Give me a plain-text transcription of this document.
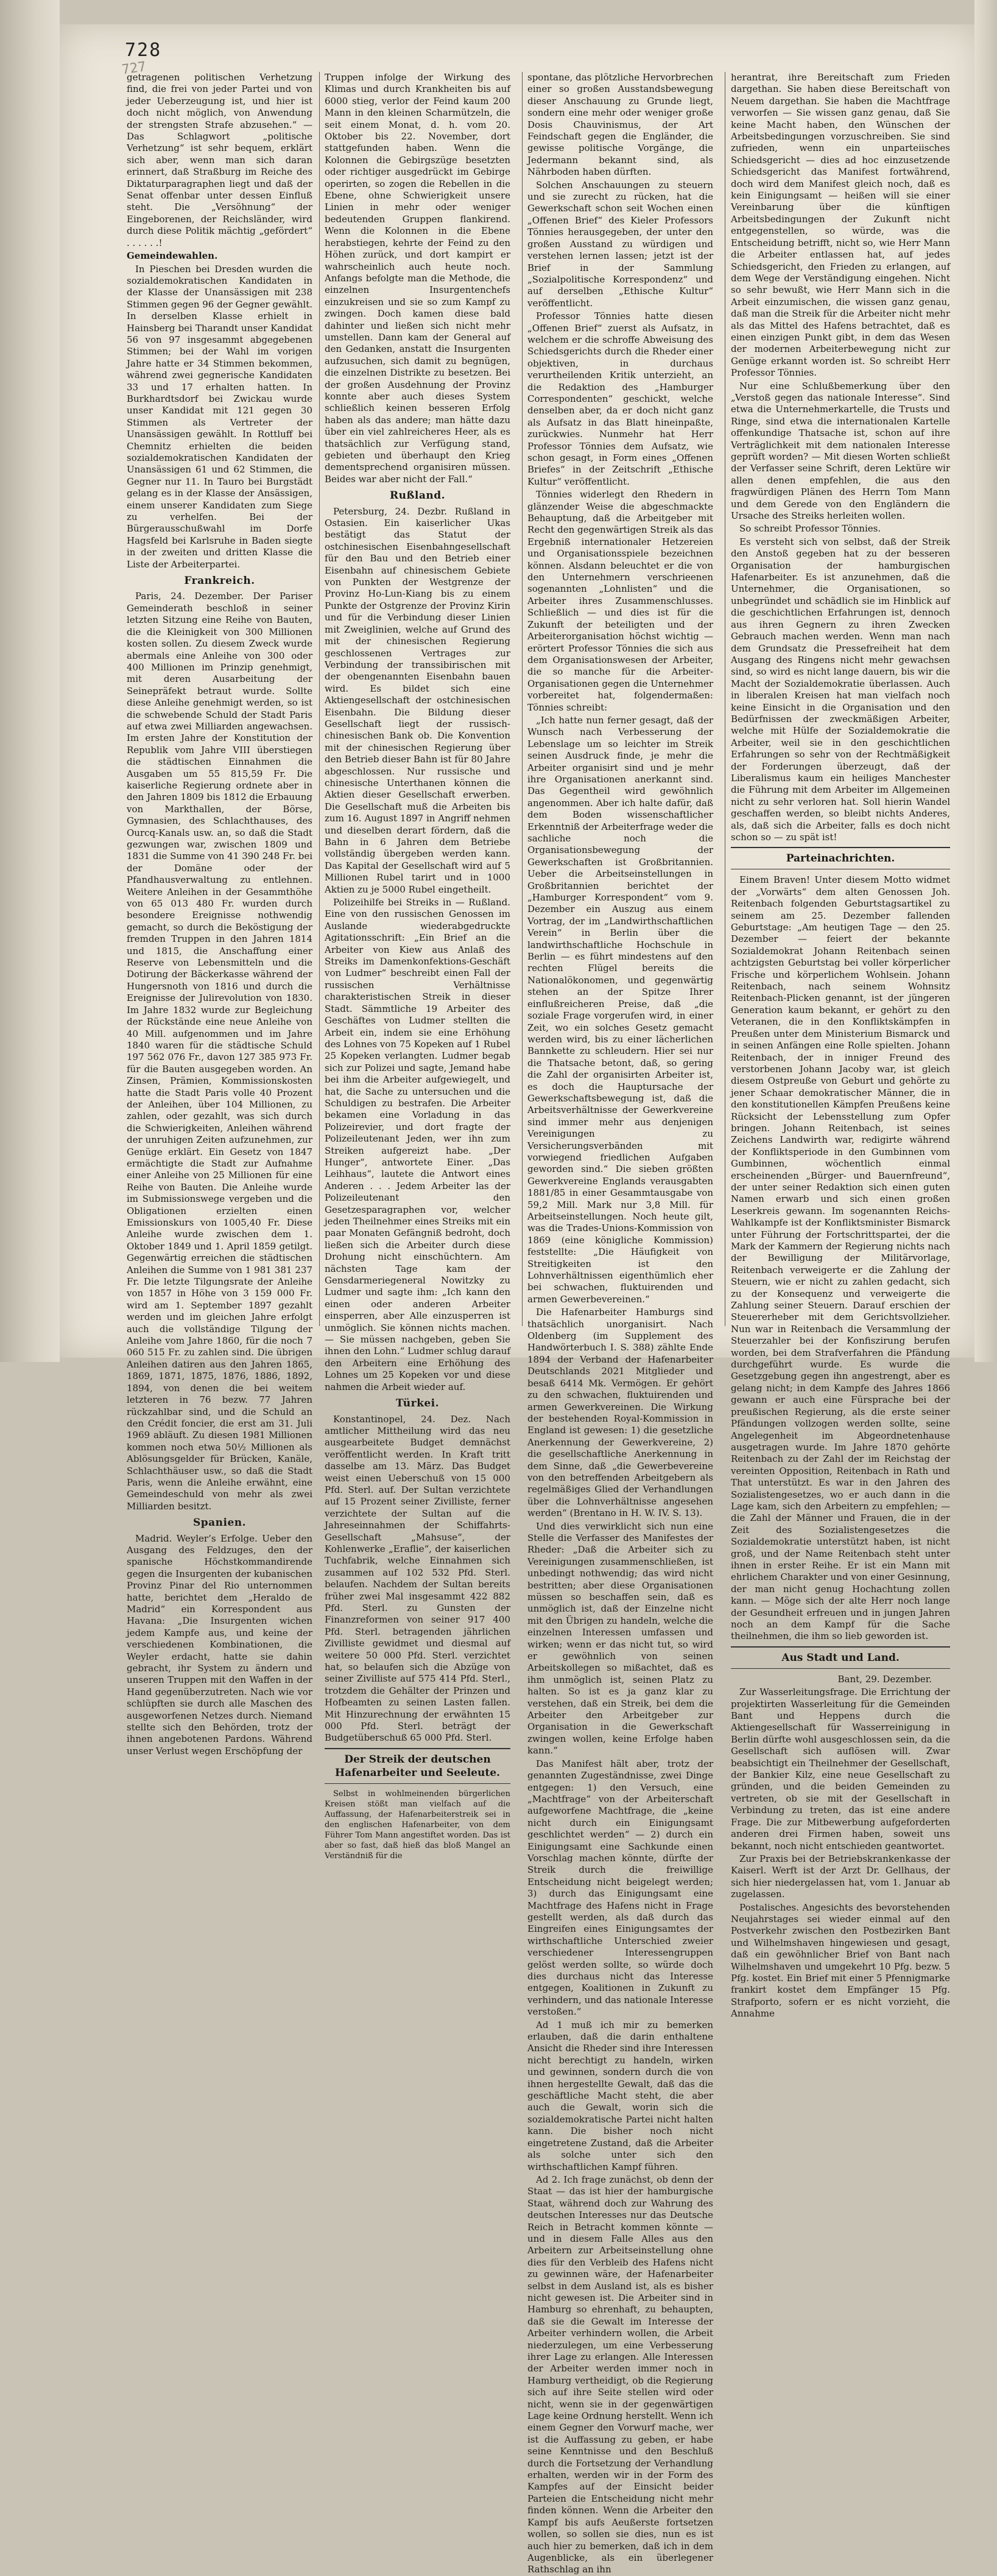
728
727

getragenen politischen Verhetzung find, die frei von jeder Partei und von jeder Ueberzeugung ist, und hier ist doch nicht möglich, von Anwendung der strengsten Strafe abzusehen.“ — Das Schlagwort „politische Verhetzung“ ist sehr bequem, erklärt sich aber, wenn man sich daran erinnert, daß Straßburg im Reiche des Diktaturparagraphen liegt und daß der Senat offenbar unter dessen Einfluß steht. Die „Versöhnung“ der Eingeborenen, der Reichsländer, wird durch diese Politik mächtig „gefördert“ . . . . . .!

Gemeindewahlen.

In Pieschen bei Dresden wurden die sozialdemokratischen Kandidaten in der Klasse der Unansässigen mit 238 Stimmen gegen 96 der Gegner gewählt. In derselben Klasse erhielt in Hainsberg bei Tharandt unser Kandidat 56 von 97 insgesammt abgegebenen Stimmen; bei der Wahl im vorigen Jahre hatte er 34 Stimmen bekommen, während zwei gegnerische Kandidaten 33 und 17 erhalten hatten. In Burkhardtsdorf bei Zwickau wurde unser Kandidat mit 121 gegen 30 Stimmen als Vertreter der Unansässigen gewählt. In Rottluff bei Chemnitz erhielten die beiden sozialdemokratischen Kandidaten der Unansässigen 61 und 62 Stimmen, die Gegner nur 11. In Tauro bei Burgstädt gelang es in der Klasse der Ansässigen, einem unserer Kandidaten zum Siege zu verhelfen. Bei der Bürgerausschußwahl im Dorfe Hagsfeld bei Karlsruhe in Baden siegte in der zweiten und dritten Klasse die Liste der Arbeiterpartei.

Frankreich.

Paris, 24. Dezember. Der Pariser Gemeinderath beschloß in seiner letzten Sitzung eine Reihe von Bauten, die die Kleinigkeit von 300 Millionen kosten sollen. Zu diesem Zweck wurde abermals eine Anleihe von 300 oder 400 Millionen im Prinzip genehmigt, mit deren Ausarbeitung der Seinepräfekt betraut wurde. Sollte diese Anleihe genehmigt werden, so ist die schwebende Schuld der Stadt Paris auf etwa zwei Milliarden angewachsen. Im ersten Jahre der Konstitution der Republik vom Jahre VIII überstiegen die städtischen Einnahmen die Ausgaben um 55 815,59 Fr. Die kaiserliche Regierung ordnete aber in den Jahren 1809 bis 1812 die Erbauung von Markthallen, der Börse, Gymnasien, des Schlachthauses, des Ourcq-Kanals usw. an, so daß die Stadt gezwungen war, zwischen 1809 und 1831 die Summe von 41 390 248 Fr. bei der Domäne oder der Pfandhausverwaltung zu entlehnen. Weitere Anleihen in der Gesammthöhe von 65 013 480 Fr. wurden durch besondere Ereignisse nothwendig gemacht, so durch die Beköstigung der fremden Truppen in den Jahren 1814 und 1815, die Anschaffung einer Reserve von Lebensmitteln und die Dotirung der Bäckerkasse während der Hungersnoth von 1816 und durch die Ereignisse der Julirevolution von 1830. Im Jahre 1832 wurde zur Begleichung der Rückstände eine neue Anleihe von 40 Mill. aufgenommen und im Jahre 1840 waren für die städtische Schuld 197 562 076 Fr., davon 127 385 973 Fr. für die Bauten ausgegeben worden. An Zinsen, Prämien, Kommissionskosten hatte die Stadt Paris volle 40 Prozent der Anleihen, über 104 Millionen, zu zahlen, oder gezahlt, was sich durch die Schwierigkeiten, Anleihen während der unruhigen Zeiten aufzunehmen, zur Genüge erklärt. Ein Gesetz von 1847 ermächtigte die Stadt zur Aufnahme einer Anleihe von 25 Millionen für eine Reihe von Bauten. Die Anleihe wurde im Submissionswege vergeben und die Obligationen erzielten einen Emissionskurs von 1005,40 Fr. Diese Anleihe wurde zwischen dem 1. Oktober 1849 und 1. April 1859 getilgt. Gegenwärtig erreichen die städtischen Anleihen die Summe von 1 981 381 237 Fr. Die letzte Tilgungsrate der Anleihe von 1857 in Höhe von 3 159 000 Fr. wird am 1. September 1897 gezahlt werden und im gleichen Jahre erfolgt auch die vollständige Tilgung der Anleihe vom Jahre 1860, für die noch 7 060 515 Fr. zu zahlen sind. Die übrigen Anleihen datiren aus den Jahren 1865, 1869, 1871, 1875, 1876, 1886, 1892, 1894, von denen die bei weitem letzteren in 76 bezw. 77 Jahren rückzahlbar sind, und die Schuld an den Crédit foncier, die erst am 31. Juli 1969 abläuft. Zu diesen 1981 Millionen kommen noch etwa 50½ Millionen als Ablösungsgelder für Brücken, Kanäle, Schlachthäuser usw., so daß die Stadt Paris, wenn die Anleihe erwähnt, eine Gemeindeschuld von mehr als zwei Milliarden besitzt.

Spanien.

Madrid. Weyler’s Erfolge. Ueber den Ausgang des Feldzuges, den der spanische Höchstkommandirende gegen die Insurgenten der kubanischen Provinz Pinar del Rio unternommen hatte, berichtet dem „Heraldo de Madrid“ ein Korrespondent aus Havana: „Die Insurgenten wichen jedem Kampfe aus, und keine der verschiedenen Kombinationen, die Weyler erdacht, hatte sie dahin gebracht, ihr System zu ändern und unseren Truppen mit den Waffen in der Hand gegenüberzutreten. Nach wie vor schlüpften sie durch alle Maschen des ausgeworfenen Netzes durch. Niemand stellte sich den Behörden, trotz der ihnen angebotenen Pardons. Während unser Verlust wegen Erschöpfung der

Truppen infolge der Wirkung des Klimas und durch Krankheiten bis auf 6000 stieg, verlor der Feind kaum 200 Mann in den kleinen Scharmützeln, die seit einem Monat, d. h. vom 20. Oktober bis 22. November, dort stattgefunden haben. Wenn die Kolonnen die Gebirgszüge besetzten oder richtiger ausgedrückt im Gebirge operirten, so zogen die Rebellen in die Ebene, ohne Schwierigkeit unsere Linien in mehr oder weniger bedeutenden Gruppen flankirend. Wenn die Kolonnen in die Ebene herabstiegen, kehrte der Feind zu den Höhen zurück, und dort kampirt er wahrscheinlich auch heute noch. Anfangs befolgte man die Methode, die einzelnen Insurgentenchefs einzukreisen und sie so zum Kampf zu zwingen. Doch kamen diese bald dahinter und ließen sich nicht mehr umstellen. Dann kam der General auf den Gedanken, anstatt die Insurgenten aufzusuchen, sich damit zu begnügen, die einzelnen Distrikte zu besetzen. Bei der großen Ausdehnung der Provinz konnte aber auch dieses System schließlich keinen besseren Erfolg haben als das andere; man hätte dazu über ein viel zahlreicheres Heer, als es thatsächlich zur Verfügung stand, gebieten und überhaupt den Krieg dementsprechend organisiren müssen. Beides war aber nicht der Fall.“

Rußland.

Petersburg, 24. Dezbr. Rußland in Ostasien. Ein kaiserlicher Ukas bestätigt das Statut der ostchinesischen Eisenbahngesellschaft für den Bau und den Betrieb einer Eisenbahn auf chinesischem Gebiete von Punkten der Westgrenze der Provinz Ho-Lun-Kiang bis zu einem Punkte der Ostgrenze der Provinz Kirin und für die Verbindung dieser Linien mit Zweiglinien, welche auf Grund des mit der chinesischen Regierung geschlossenen Vertrages zur Verbindung der transsibirischen mit der obengenannten Eisenbahn bauen wird. Es bildet sich eine Aktiengesellschaft der ostchinesischen Eisenbahn. Die Bildung dieser Gesellschaft liegt der russisch-chinesischen Bank ob. Die Konvention mit der chinesischen Regierung über den Betrieb dieser Bahn ist für 80 Jahre abgeschlossen. Nur russische und chinesische Unterthanen können die Aktien dieser Gesellschaft erwerben. Die Gesellschaft muß die Arbeiten bis zum 16. August 1897 in Angriff nehmen und dieselben derart fördern, daß die Bahn in 6 Jahren dem Betriebe vollständig übergeben werden kann. Das Kapital der Gesellschaft wird auf 5 Millionen Rubel tarirt und in 1000 Aktien zu je 5000 Rubel eingetheilt.

Polizeihilfe bei Streiks in — Rußland. Eine von den russischen Genossen im Auslande wiederabgedruckte Agitationsschrift: „Ein Brief an die Arbeiter von Kiew aus Anlaß des Streiks im Damenkonfektions-Geschäft von Ludmer“ beschreibt einen Fall der russischen Verhältnisse charakteristischen Streik in dieser Stadt. Sämmtliche 19 Arbeiter des Geschäftes von Ludmer stellten die Arbeit ein, indem sie eine Erhöhung des Lohnes von 75 Kopeken auf 1 Rubel 25 Kopeken verlangten. Ludmer begab sich zur Polizei und sagte, Jemand habe bei ihm die Arbeiter aufgewiegelt, und hat, die Sache zu untersuchen und die Schuldigen zu bestrafen. Die Arbeiter bekamen eine Vorladung in das Polizeirevier, und dort fragte der Polizeileutenant Jeden, wer ihn zum Streiken aufgereizt habe. „Der Hunger“, antwortete Einer. „Das Leihhaus“, lautete die Antwort eines Anderen . . . Jedem Arbeiter las der Polizeileutenant den Gesetzesparagraphen vor, welcher jeden Theilnehmer eines Streiks mit ein paar Monaten Gefängniß bedroht, doch ließen sich die Arbeiter durch diese Drohung nicht einschüchtern. Am nächsten Tage kam der Gensdarmeriegeneral Nowitzky zu Ludmer und sagte ihm: „Ich kann den einen oder anderen Arbeiter einsperren, aber Alle einzusperren ist unmöglich. Sie können nichts machen. — Sie müssen nachgeben, geben Sie ihnen den Lohn.“ Ludmer schlug darauf den Arbeitern eine Erhöhung des Lohnes um 25 Kopeken vor und diese nahmen die Arbeit wieder auf.

Türkei.

Konstantinopel, 24. Dez. Nach amtlicher Mittheilung wird das neu ausgearbeitete Budget demnächst veröffentlicht werden. In Kraft tritt dasselbe am 13. März. Das Budget weist einen Ueberschuß von 15 000 Pfd. Sterl. auf. Der Sultan verzichtete auf 15 Prozent seiner Zivilliste, ferner verzichtete der Sultan auf die Jahreseinnahmen der Schiffahrts-Gesellschaft „Mahsuse“, der Kohlenwerke „Eraflie“, der kaiserlichen Tuchfabrik, welche Einnahmen sich zusammen auf 102 532 Pfd. Sterl. belaufen. Nachdem der Sultan bereits früher zwei Mal insgesammt 422 882 Pfd. Sterl. zu Gunsten der Finanzreformen von seiner 917 400 Pfd. Sterl. betragenden jährlichen Zivilliste gewidmet und diesmal auf weitere 50 000 Pfd. Sterl. verzichtet hat, so belaufen sich die Abzüge von seiner Zivilliste auf 575 414 Pfd. Sterl., trotzdem die Gehälter der Prinzen und Hofbeamten zu seinen Lasten fallen. Mit Hinzurechnung der erwähnten 15 000 Pfd. Sterl. beträgt der Budgetüberschuß 65 000 Pfd. Sterl.

Der Streik der deutschen Hafenarbeiter und Seeleute.

Selbst in wohlmeinenden bürgerlichen Kreisen stößt man vielfach auf die Auffassung, der Hafenarbeiterstreik sei in den englischen Hafenarbeiter, von dem Führer Tom Mann angestiftet worden. Das ist aber so fast, daß hieß das bloß Mangel an Verständniß für die

spontane, das plötzliche Hervorbrechen einer so großen Ausstandsbewegung dieser Anschauung zu Grunde liegt, sondern eine mehr oder weniger große Dosis Chauvinismus, der Art Feindschaft gegen die Engländer, die gewisse politische Vorgänge, die Jedermann bekannt sind, als Nährboden haben dürften.

Solchen Anschauungen zu steuern und sie zurecht zu rücken, hat die Gewerkschaft schon seit Wochen einen „Offenen Brief“ des Kieler Professors Tönnies herausgegeben, der unter den großen Ausstand zu würdigen und verstehen lernen lassen; jetzt ist der Brief in der Sammlung „Sozialpolitische Korrespondenz“ und auf derselben „Ethische Kultur“ veröffentlicht.

Professor Tönnies hatte diesen „Offenen Brief“ zuerst als Aufsatz, in welchem er die schroffe Abweisung des Schiedsgerichts durch die Rheder einer objektiven, in durchaus verurtheilenden Kritik unterzieht, an die Redaktion des „Hamburger Correspondenten“ geschickt, welche denselben aber, da er doch nicht ganz als Aufsatz in das Blatt hineinpaßte, zurückwies. Nunmehr hat Herr Professor Tönnies dem Aufsatz, wie schon gesagt, in Form eines „Offenen Briefes“ in der Zeitschrift „Ethische Kultur“ veröffentlicht.

Tönnies widerlegt den Rhedern in glänzender Weise die abgeschmackte Behauptung, daß die Arbeitgeber mit Recht den gegenwärtigen Streik als das Ergebniß internationaler Hetzereien und Organisationsspiele bezeichnen können. Alsdann beleuchtet er die von den Unternehmern verschrieenen sogenannten „Lohnlisten“ und die Arbeiter ihres Zusammenschlusses. Schließlich — und dies ist für die Zukunft der beteiligten und der Arbeiterorganisation höchst wichtig — erörtert Professor Tönnies die sich aus dem Organisationswesen der Arbeiter, die so manche für die Arbeiter-Organisationen gegen die Unternehmer vorbereitet hat, folgendermaßen: Tönnies schreibt:

„Ich hatte nun ferner gesagt, daß der Wunsch nach Verbesserung der Lebenslage um so leichter im Streik seinen Ausdruck finde, je mehr die Arbeiter organisirt sind und je mehr ihre Organisationen anerkannt sind. Das Gegentheil wird gewöhnlich angenommen. Aber ich halte dafür, daß dem Boden wissenschaftlicher Erkenntniß der Arbeiterfrage weder die sachliche noch die Organisationsbewegung der Gewerkschaften ist Großbritannien. Ueber die Arbeitseinstellungen in Großbritannien berichtet der „Hamburger Korrespondent“ vom 9. Dezember ein Auszug aus einem Vortrag, der im „Landwirthschaftlichen Verein“ in Berlin über die landwirthschaftliche Hochschule in Berlin — es führt mindestens auf den rechten Flügel bereits die Nationalökonomen, und gegenwärtig stehen an der Spitze Ihrer einflußreicheren Preise, daß „die soziale Frage vorgerufen wird, in einer Zeit, wo ein solches Gesetz gemacht werden wird, bis zu einer lächerlichen Bannkette zu schleudern. Hier sei nur die Thatsache betont, daß, so gering die Zahl der organisirten Arbeiter ist, es doch die Hauptursache der Gewerkschaftsbewegung ist, daß die Arbeitsverhältnisse der Gewerkvereine sind immer mehr aus denjenigen Vereinigungen zu Versicherungsverbänden mit vorwiegend friedlichen Aufgaben geworden sind.“ Die sieben größten Gewerkvereine Englands verausgabten 1881/85 in einer Gesammtausgabe von 59,2 Mill. Mark nur 3,8 Mill. für Arbeitseinstellungen. Noch heute gilt, was die Trades-Unions-Kommission von 1869 (eine königliche Kommission) feststellte: „Die Häufigkeit von Streitigkeiten ist den Lohnverhältnissen eigenthümlich eher bei schwachen, fluktuirenden und armen Gewerbevereinen.“

Die Hafenarbeiter Hamburgs sind thatsächlich unorganisirt. Nach Oldenberg (im Supplement des Handwörterbuch I. S. 388) zählte Ende 1894 der Verband der Hafenarbeiter Deutschlands 2021 Mitglieder und besaß 6414 Mk. Vermögen. Er gehört zu den schwachen, fluktuirenden und armen Gewerkvereinen. Die Wirkung der bestehenden Royal-Kommission in England ist gewesen: 1) die gesetzliche Anerkennung der Gewerkvereine, 2) die gesellschaftliche Anerkennung in dem Sinne, daß „die Gewerbevereine von den betreffenden Arbeitgebern als regelmäßiges Glied der Verhandlungen über die Lohnverhältnisse angesehen werden“ (Brentano in H. W. IV. S. 13).

Und dies verwirklicht sich nun eine Stelle die Verfasser des Manifestes der Rheder: „Daß die Arbeiter sich zu Vereinigungen zusammenschließen, ist unbedingt nothwendig; das wird nicht bestritten; aber diese Organisationen müssen so beschaffen sein, daß es unmöglich ist, daß der Einzelne nicht mit den Übrigen zu handeln, welche die einzelnen Interessen umfassen und wirken; wenn er das nicht tut, so wird er gewöhnlich von seinen Arbeitskollegen so mißachtet, daß es ihm unmöglich ist, seinen Platz zu halten. So ist es ja ganz klar zu verstehen, daß ein Streik, bei dem die Arbeiter den Arbeitgeber zur Organisation in die Gewerkschaft zwingen wollen, keine Erfolge haben kann.“

Das Manifest hält aber, trotz der genannten Zugeständnisse, zwei Dinge entgegen: 1) den Versuch, eine „Machtfrage“ von der Arbeiterschaft aufgeworfene Machtfrage, die „keine nicht durch ein Einigungsamt geschlichtet werden“ — 2) durch ein Einigungsamt eine Sachkunde einen Vorschlag machen könnte, dürfte der Streik durch die freiwillige Entscheidung nicht beigelegt werden; 3) durch das Einigungsamt eine Machtfrage des Hafens nicht in Frage gestellt werden, als daß durch das Eingreifen eines Einigungsamtes der wirthschaftliche Unterschied zweier verschiedener Interessengruppen gelöst werden sollte, so würde doch dies durchaus nicht das Interesse entgegen, Koalitionen in Zukunft zu verhindern, und das nationale Interesse verstoßen.“

Ad 1 muß ich mir zu bemerken erlauben, daß die darin enthaltene Ansicht die Rheder sind ihre Interessen nicht berechtigt zu handeln, wirken und gewinnen, sondern durch die von ihnen hergestellte Gewalt, daß das die geschäftliche Macht steht, die aber auch die Gewalt, worin sich die sozialdemokratische Partei nicht halten kann. Die bisher noch nicht eingetretene Zustand, daß die Arbeiter als solche unter sich den wirthschaftlichen Kampf führen.

Ad 2. Ich frage zunächst, ob denn der Staat — das ist hier der hamburgische Staat, während doch zur Wahrung des deutschen Interesses nur das Deutsche Reich in Betracht kommen könnte — und in diesem Falle Alles aus den Arbeitern zur Arbeitseinstellung ohne dies für den Verbleib des Hafens nicht zu gewinnen wäre, der Hafenarbeiter selbst in dem Ausland ist, als es bisher nicht gewesen ist. Die Arbeiter sind in Hamburg so ehrenhaft, zu behaupten, daß sie die Gewalt im Interesse der Arbeiter verhindern wollen, die Arbeit niederzulegen, um eine Verbesserung ihrer Lage zu erlangen. Alle Interessen der Arbeiter werden immer noch in Hamburg vertheidigt, ob die Regierung sich auf ihre Seite stellen wird oder nicht, wenn sie in der gegenwärtigen Lage keine Ordnung herstellt. Wenn ich einem Gegner den Vorwurf mache, wer ist die Auffassung zu geben, er habe seine Kenntnisse und den Beschluß durch die Fortsetzung der Verhandlung erhalten, werden wir in der Form des Kampfes auf der Einsicht beider Parteien die Entscheidung nicht mehr finden können. Wenn die Arbeiter den Kampf bis aufs Aeußerste fortsetzen wollen, so sollen sie dies, nun es ist auch hier zu bemerken, daß ich in dem Augenblicke, als ein überlegener Rathschlag an ihn

herantrat, ihre Bereitschaft zum Frieden dargethan. Sie haben diese Bereitschaft von Neuem dargethan. Sie haben die Machtfrage verworfen — Sie wissen ganz genau, daß Sie keine Macht haben, den Wünschen der Arbeitsbedingungen vorzuschreiben. Sie sind zufrieden, wenn ein unparteiisches Schiedsgericht — dies ad hoc einzusetzende Schiedsgericht das Manifest fortwährend, doch wird dem Manifest gleich noch, daß es kein Einigungsamt — heißen will sie einer Vereinbarung über die künftigen Arbeitsbedingungen der Zukunft nicht entgegenstellen, so würde, was die Entscheidung betrifft, nicht so, wie Herr Mann die Arbeiter entlassen hat, auf jedes Schiedsgericht, den Frieden zu erlangen, auf dem Wege der Verständigung eingehen. Nicht so sehr bewußt, wie Herr Mann sich in die Arbeit einzumischen, die wissen ganz genau, daß man die Streik für die Arbeiter nicht mehr als das Mittel des Hafens betrachtet, daß es einen einzigen Punkt gibt, in dem das Wesen der modernen Arbeiterbewegung nicht zur Genüge erkannt worden ist. So schreibt Herr Professor Tönnies.

Nur eine Schlußbemerkung über den „Verstoß gegen das nationale Interesse“. Sind etwa die Unternehmerkartelle, die Trusts und Ringe, sind etwa die internationalen Kartelle offenkundige Thatsache ist, schon auf ihre Verträglichkeit mit dem nationalen Interesse geprüft worden? — Mit diesen Worten schließt der Verfasser seine Schrift, deren Lektüre wir allen denen empfehlen, die aus den fragwürdigen Plänen des Herrn Tom Mann und dem Gerede von den Engländern die Ursache des Streiks herleiten wollen.

So schreibt Professor Tönnies.

Es versteht sich von selbst, daß der Streik den Anstoß gegeben hat zu der besseren Organisation der hamburgischen Hafenarbeiter. Es ist anzunehmen, daß die Unternehmer, die Organisationen, so unbegründet und schädlich sie im Hinblick auf die geschichtlichen Erfahrungen ist, dennoch aus ihren Gegnern zu ihren Zwecken Gebrauch machen werden. Wenn man nach dem Grundsatz die Pressefreiheit hat dem Ausgang des Ringens nicht mehr gewachsen sind, so wird es nicht lange dauern, bis wir die Macht der Sozialdemokratie überlassen. Auch in liberalen Kreisen hat man vielfach noch keine Einsicht in die Organisation und den Bedürfnissen der zweckmäßigen Arbeiter, welche mit Hülfe der Sozialdemokratie die Arbeiter, weil sie in den geschichtlichen Erfahrungen so sehr von der Rechtmäßigkeit der Forderungen überzeugt, daß der Liberalismus kaum ein heiliges Manchester die Führung mit dem Arbeiter im Allgemeinen nicht zu sehr verloren hat. Soll hierin Wandel geschaffen werden, so bleibt nichts Anderes, als, daß sich die Arbeiter, falls es doch nicht schon so — zu spät ist!

Parteinachrichten.

Einem Braven! Unter diesem Motto widmet der „Vorwärts“ dem alten Genossen Joh. Reitenbach folgenden Geburtstagsartikel zu seinem am 25. Dezember fallenden Geburtstage: „Am heutigen Tage — den 25. Dezember — feiert der bekannte Sozialdemokrat Johann Reitenbach seinen achtzigsten Geburtstag bei voller körperlicher Frische und körperlichem Wohlsein. Johann Reitenbach, nach seinem Wohnsitz Reitenbach-Plicken genannt, ist der jüngeren Generation kaum bekannt, er gehört zu den Veteranen, die in den Konfliktskämpfen in Preußen unter dem Ministerium Bismarck und in seinen Anfängen eine Rolle spielten. Johann Reitenbach, der in inniger Freund des verstorbenen Johann Jacoby war, ist gleich diesem Ostpreuße von Geburt und gehörte zu jener Schaar demokratischer Männer, die in den konstitutionellen Kämpfen Preußens keine Rücksicht der Lebensstellung zum Opfer bringen. Johann Reitenbach, ist seines Zeichens Landwirth war, redigirte während der Konfliktsperiode in den Gumbinnen vom Gumbinnen, wöchentlich einmal erscheinenden „Bürger- und Bauernfreund“, der unter seiner Redaktion sich einen guten Namen erwarb und sich einen großen Leserkreis gewann. Im sogenannten Reichs-Wahlkampfe ist der Konfliktsminister Bismarck unter Führung der Fortschrittspartei, der die Mark der Kammern der Regierung nichts nach der Bewilligung der Militärvorlage, Reitenbach verweigerte er die Zahlung der Steuern, wie er nicht zu zahlen gedacht, sich zu der Konsequenz und verweigerte die Zahlung seiner Steuern. Darauf erschien der Steuererheber mit dem Gerichtsvollzieher. Nun war in Reitenbach die Versammlung der Steuerzahler bei der Konfiszirung berufen worden, bei dem Strafverfahren die Pfändung durchgeführt wurde. Es wurde die Gesetzgebung gegen ihn angestrengt, aber es gelang nicht; in dem Kampfe des Jahres 1866 gewann er auch eine Fürsprache bei der preußischen Regierung, als die erste seiner Pfändungen vollzogen werden sollte, seine Angelegenheit im Abgeordnetenhause ausgetragen wurde. Im Jahre 1870 gehörte Reitenbach zu der Zahl der im Reichstag der vereinten Opposition, Reitenbach in Rath und That unterstützt. Es war in den Jahren des Sozialistengesetzes, wo er auch dann in die Lage kam, sich den Arbeitern zu empfehlen; — die Zahl der Männer und Frauen, die in der Zeit des Sozialistengesetzes die Sozialdemokratie unterstützt haben, ist nicht groß, und der Name Reitenbach steht unter ihnen in erster Reihe. Er ist ein Mann mit ehrlichem Charakter und von einer Gesinnung, der man nicht genug Hochachtung zollen kann. — Möge sich der alte Herr noch lange der Gesundheit erfreuen und in jungen Jahren noch an dem Kampf für die Sache theilnehmen, die ihm so lieb geworden ist.

Aus Stadt und Land.

Bant, 29. Dezember.

Zur Wasserleitungsfrage. Die Errichtung der projektirten Wasserleitung für die Gemeinden Bant und Heppens durch die Aktiengesellschaft für Wasserreinigung in Berlin dürfte wohl ausgeschlossen sein, da die Gesellschaft sich auflösen will. Zwar beabsichtigt ein Theilnehmer der Gesellschaft, der Bankier Kilz, eine neue Gesellschaft zu gründen, und die beiden Gemeinden zu vertreten, ob sie mit der Gesellschaft in Verbindung zu treten, das ist eine andere Frage. Die zur Mitbewerbung aufgeforderten anderen drei Firmen haben, soweit uns bekannt, noch nicht entschieden geantwortet.

Zur Praxis bei der Betriebskrankenkasse der Kaiserl. Werft ist der Arzt Dr. Gellhaus, der sich hier niedergelassen hat, vom 1. Januar ab zugelassen.

Postalisches. Angesichts des bevorstehenden Neujahrstages sei wieder einmal auf den Postverkehr zwischen den Postbezirken Bant und Wilhelmshaven hingewiesen und gesagt, daß ein gewöhnlicher Brief von Bant nach Wilhelmshaven und umgekehrt 10 Pfg. bezw. 5 Pfg. kostet. Ein Brief mit einer 5 Pfennigmarke frankirt kostet dem Empfänger 15 Pfg. Strafporto, sofern er es nicht vorzieht, die Annahme
